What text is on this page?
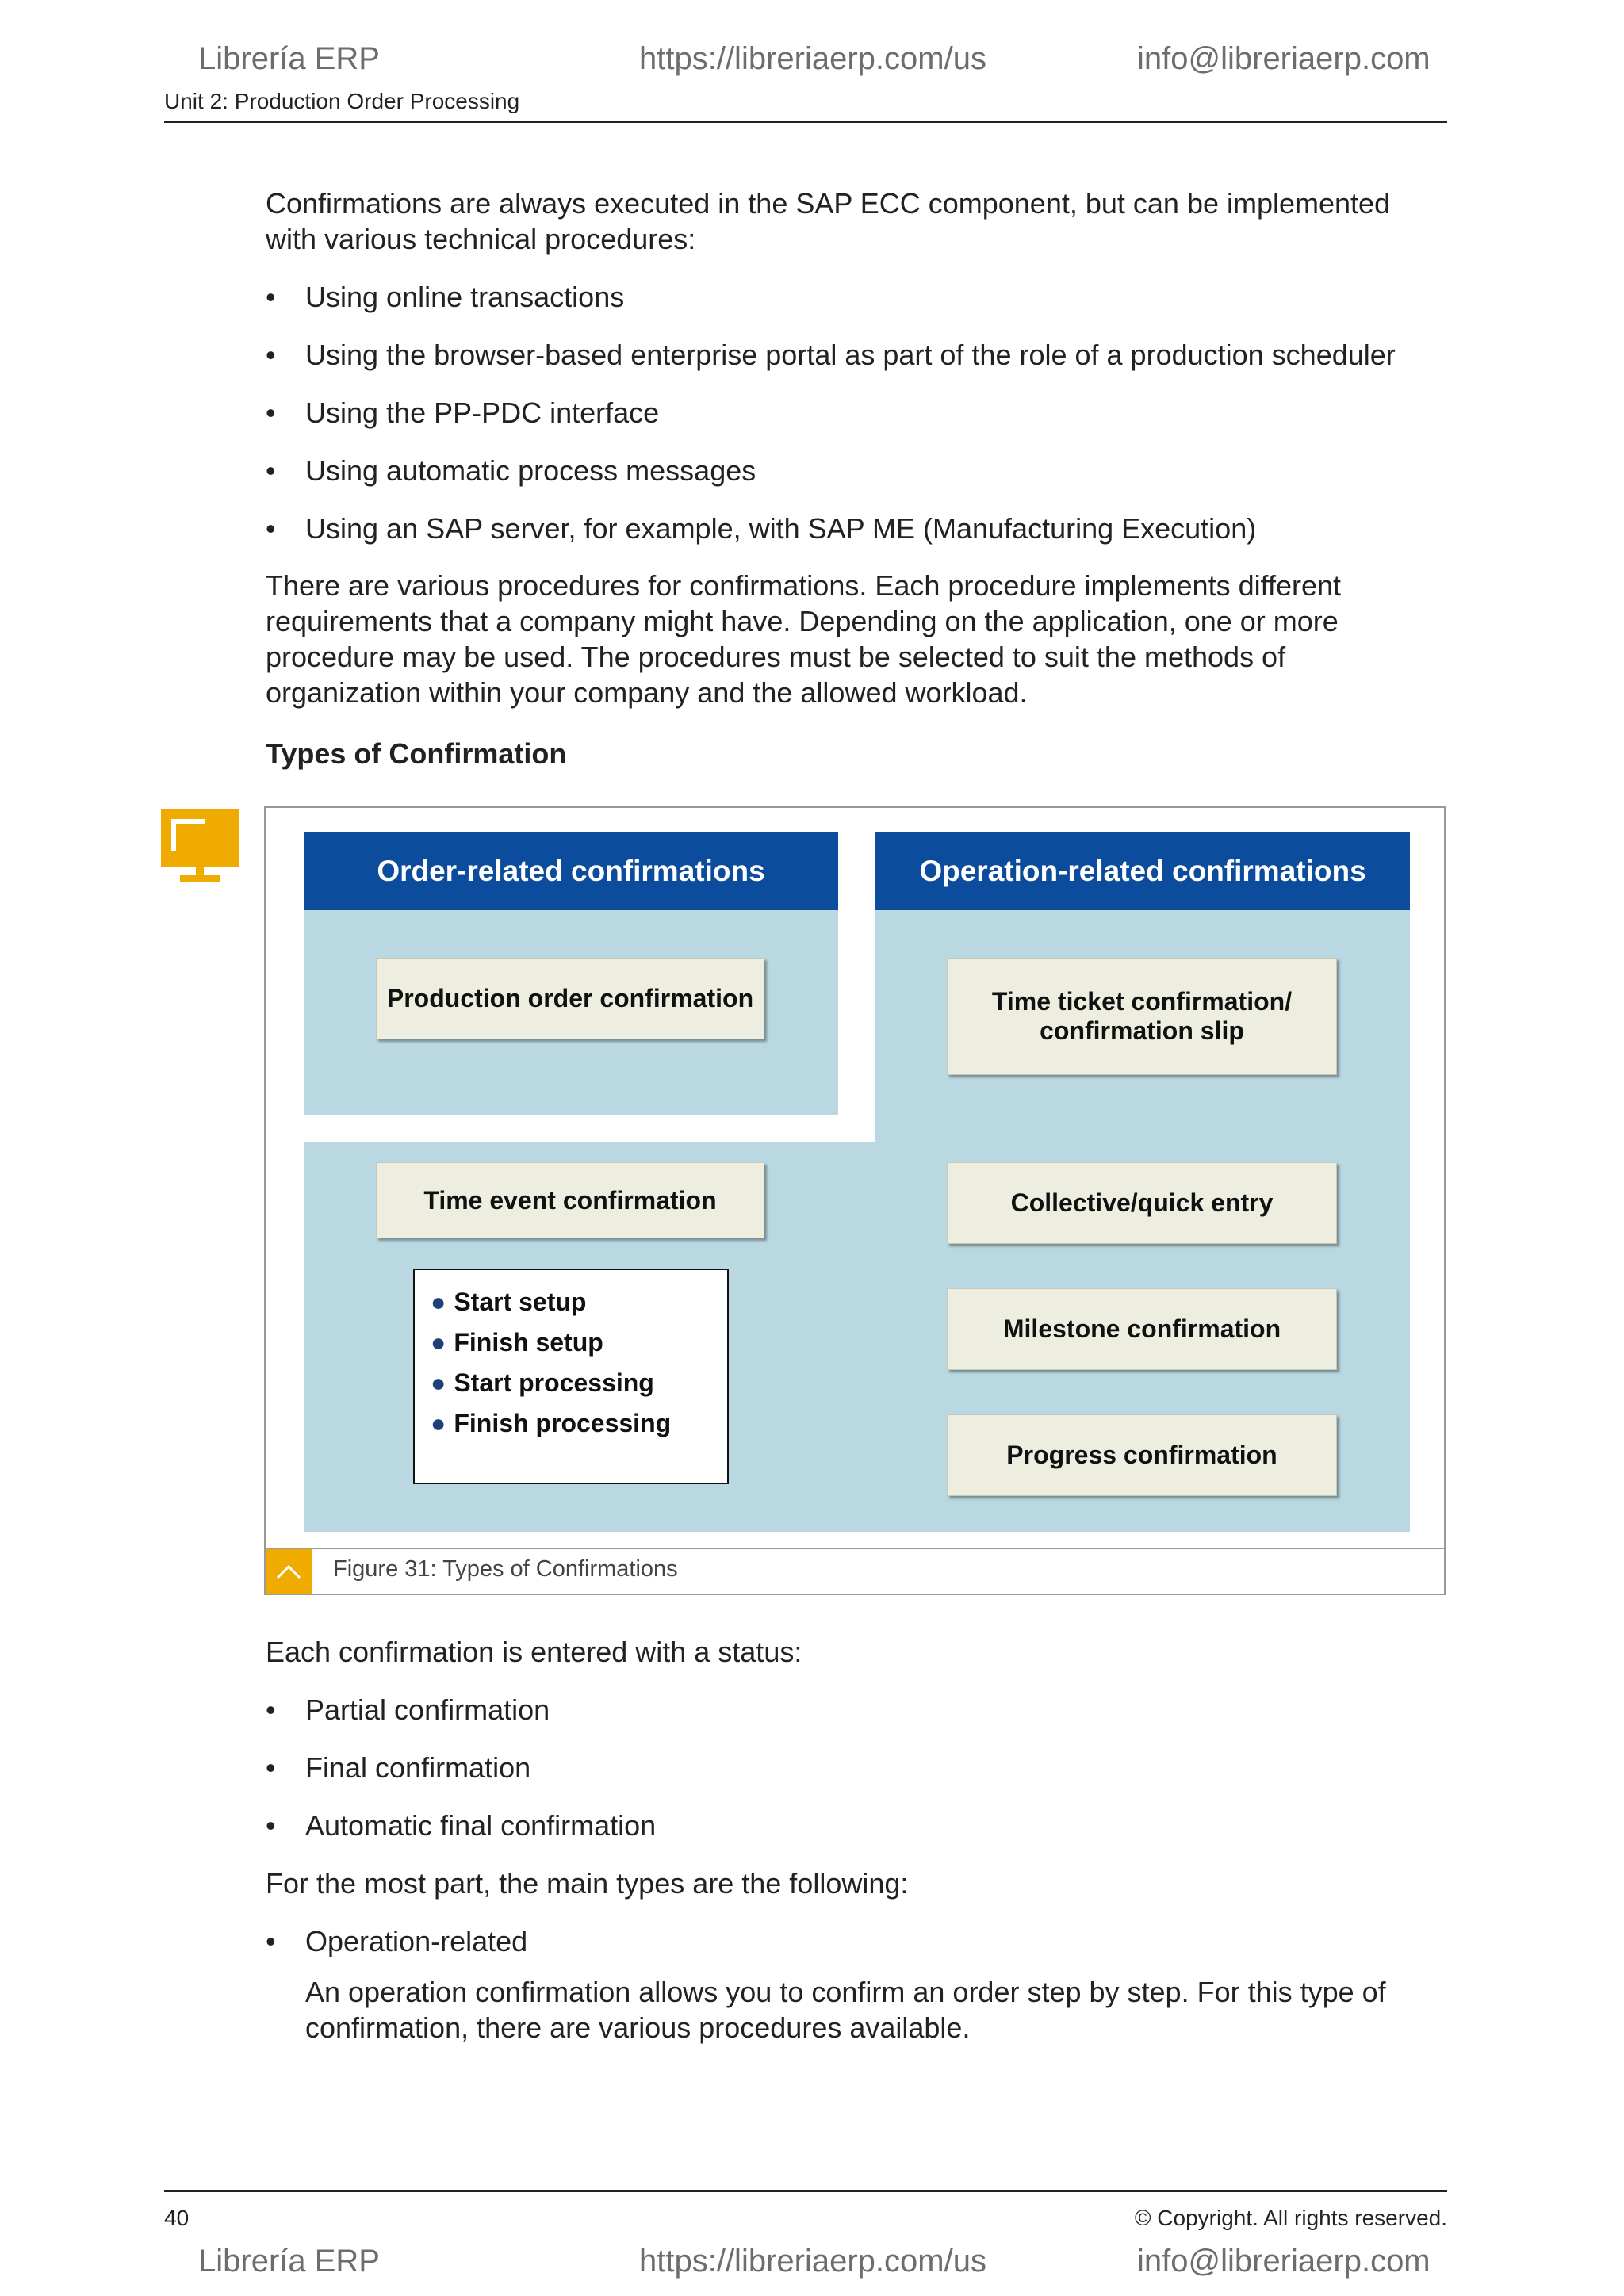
Librería ERP	https://libreriaerp.com/us	info@libreriaerp.com
Unit 2: Production Order Processing
Confirmations are always executed in the SAP ECC component, but can be implemented with various technical procedures:
• Using online transactions
• Using the browser-based enterprise portal as part of the role of a production scheduler
• Using the PP-PDC interface
• Using automatic process messages
• Using an SAP server, for example, with SAP ME (Manufacturing Execution)
There are various procedures for confirmations. Each procedure implements different requirements that a company might have. Depending on the application, one or more procedure may be used. The procedures must be selected to suit the methods of organization within your company and the allowed workload.
Types of Confirmation
Order-related confirmations	Operation-related confirmations
Production order confirmation	Time ticket confirmation/ confirmation slip
Time event confirmation	Collective/quick entry
Milestone confirmation
Progress confirmation
● Start setup
● Finish setup
● Start processing
● Finish processing
Figure 31: Types of Confirmations
Each confirmation is entered with a status:
• Partial confirmation
• Final confirmation
• Automatic final confirmation
For the most part, the main types are the following:
• Operation-related
An operation confirmation allows you to confirm an order step by step. For this type of confirmation, there are various procedures available.
40	© Copyright. All rights reserved.
Librería ERP	https://libreriaerp.com/us	info@libreriaerp.com
